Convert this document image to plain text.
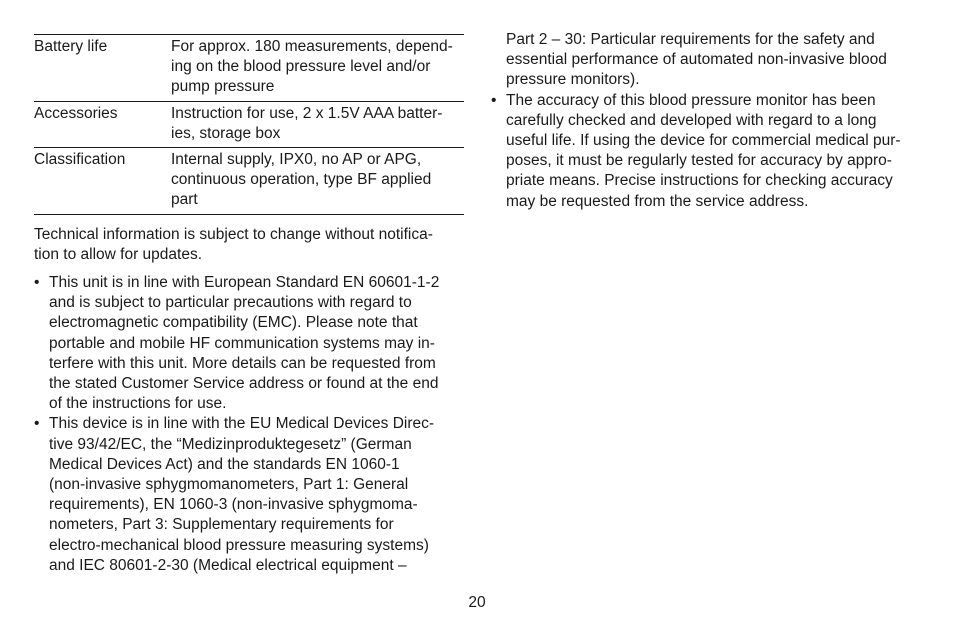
Battery life	For approx. 180 measurements, depend-
ing on the blood pressure level and/or
pump pressure

Accessories	Instruction for use, 2 x 1.5V AAA batter-
ies, storage box

Classification	Internal supply, IPX0, no AP or APG,
continuous operation, type BF applied
part
Technical information is subject to change without notifica-
tion to allow for updates.
• This unit is in line with European Standard EN 60601-1-2
and is subject to particular precautions with regard to
electromagnetic compatibility (EMC). Please note that
portable and mobile HF communication systems may in-
terfere with this unit. More details can be requested from
the stated Customer Service address or found at the end
of the instructions for use.
• This device is in line with the EU Medical Devices Direc-
tive 93/42/EC, the “Medizinproduktegesetz” (German
Medical Devices Act) and the standards EN 1060-1
(non-invasive sphygmomanometers, Part 1: General
requirements), EN 1060-3 (non-invasive sphygmoma-
nometers, Part 3: Supplementary requirements for
electro-mechanical blood pressure measuring systems)
and IEC 80601-2-30 (Medical electrical equipment –
Part 2 – 30: Particular requirements for the safety and
essential performance of automated non-invasive blood
pressure monitors).
• The accuracy of this blood pressure monitor has been
carefully checked and developed with regard to a long
useful life. If using the device for commercial medical pur-
poses, it must be regularly tested for accuracy by appro-
priate means. Precise instructions for checking accuracy
may be requested from the service address.
20
